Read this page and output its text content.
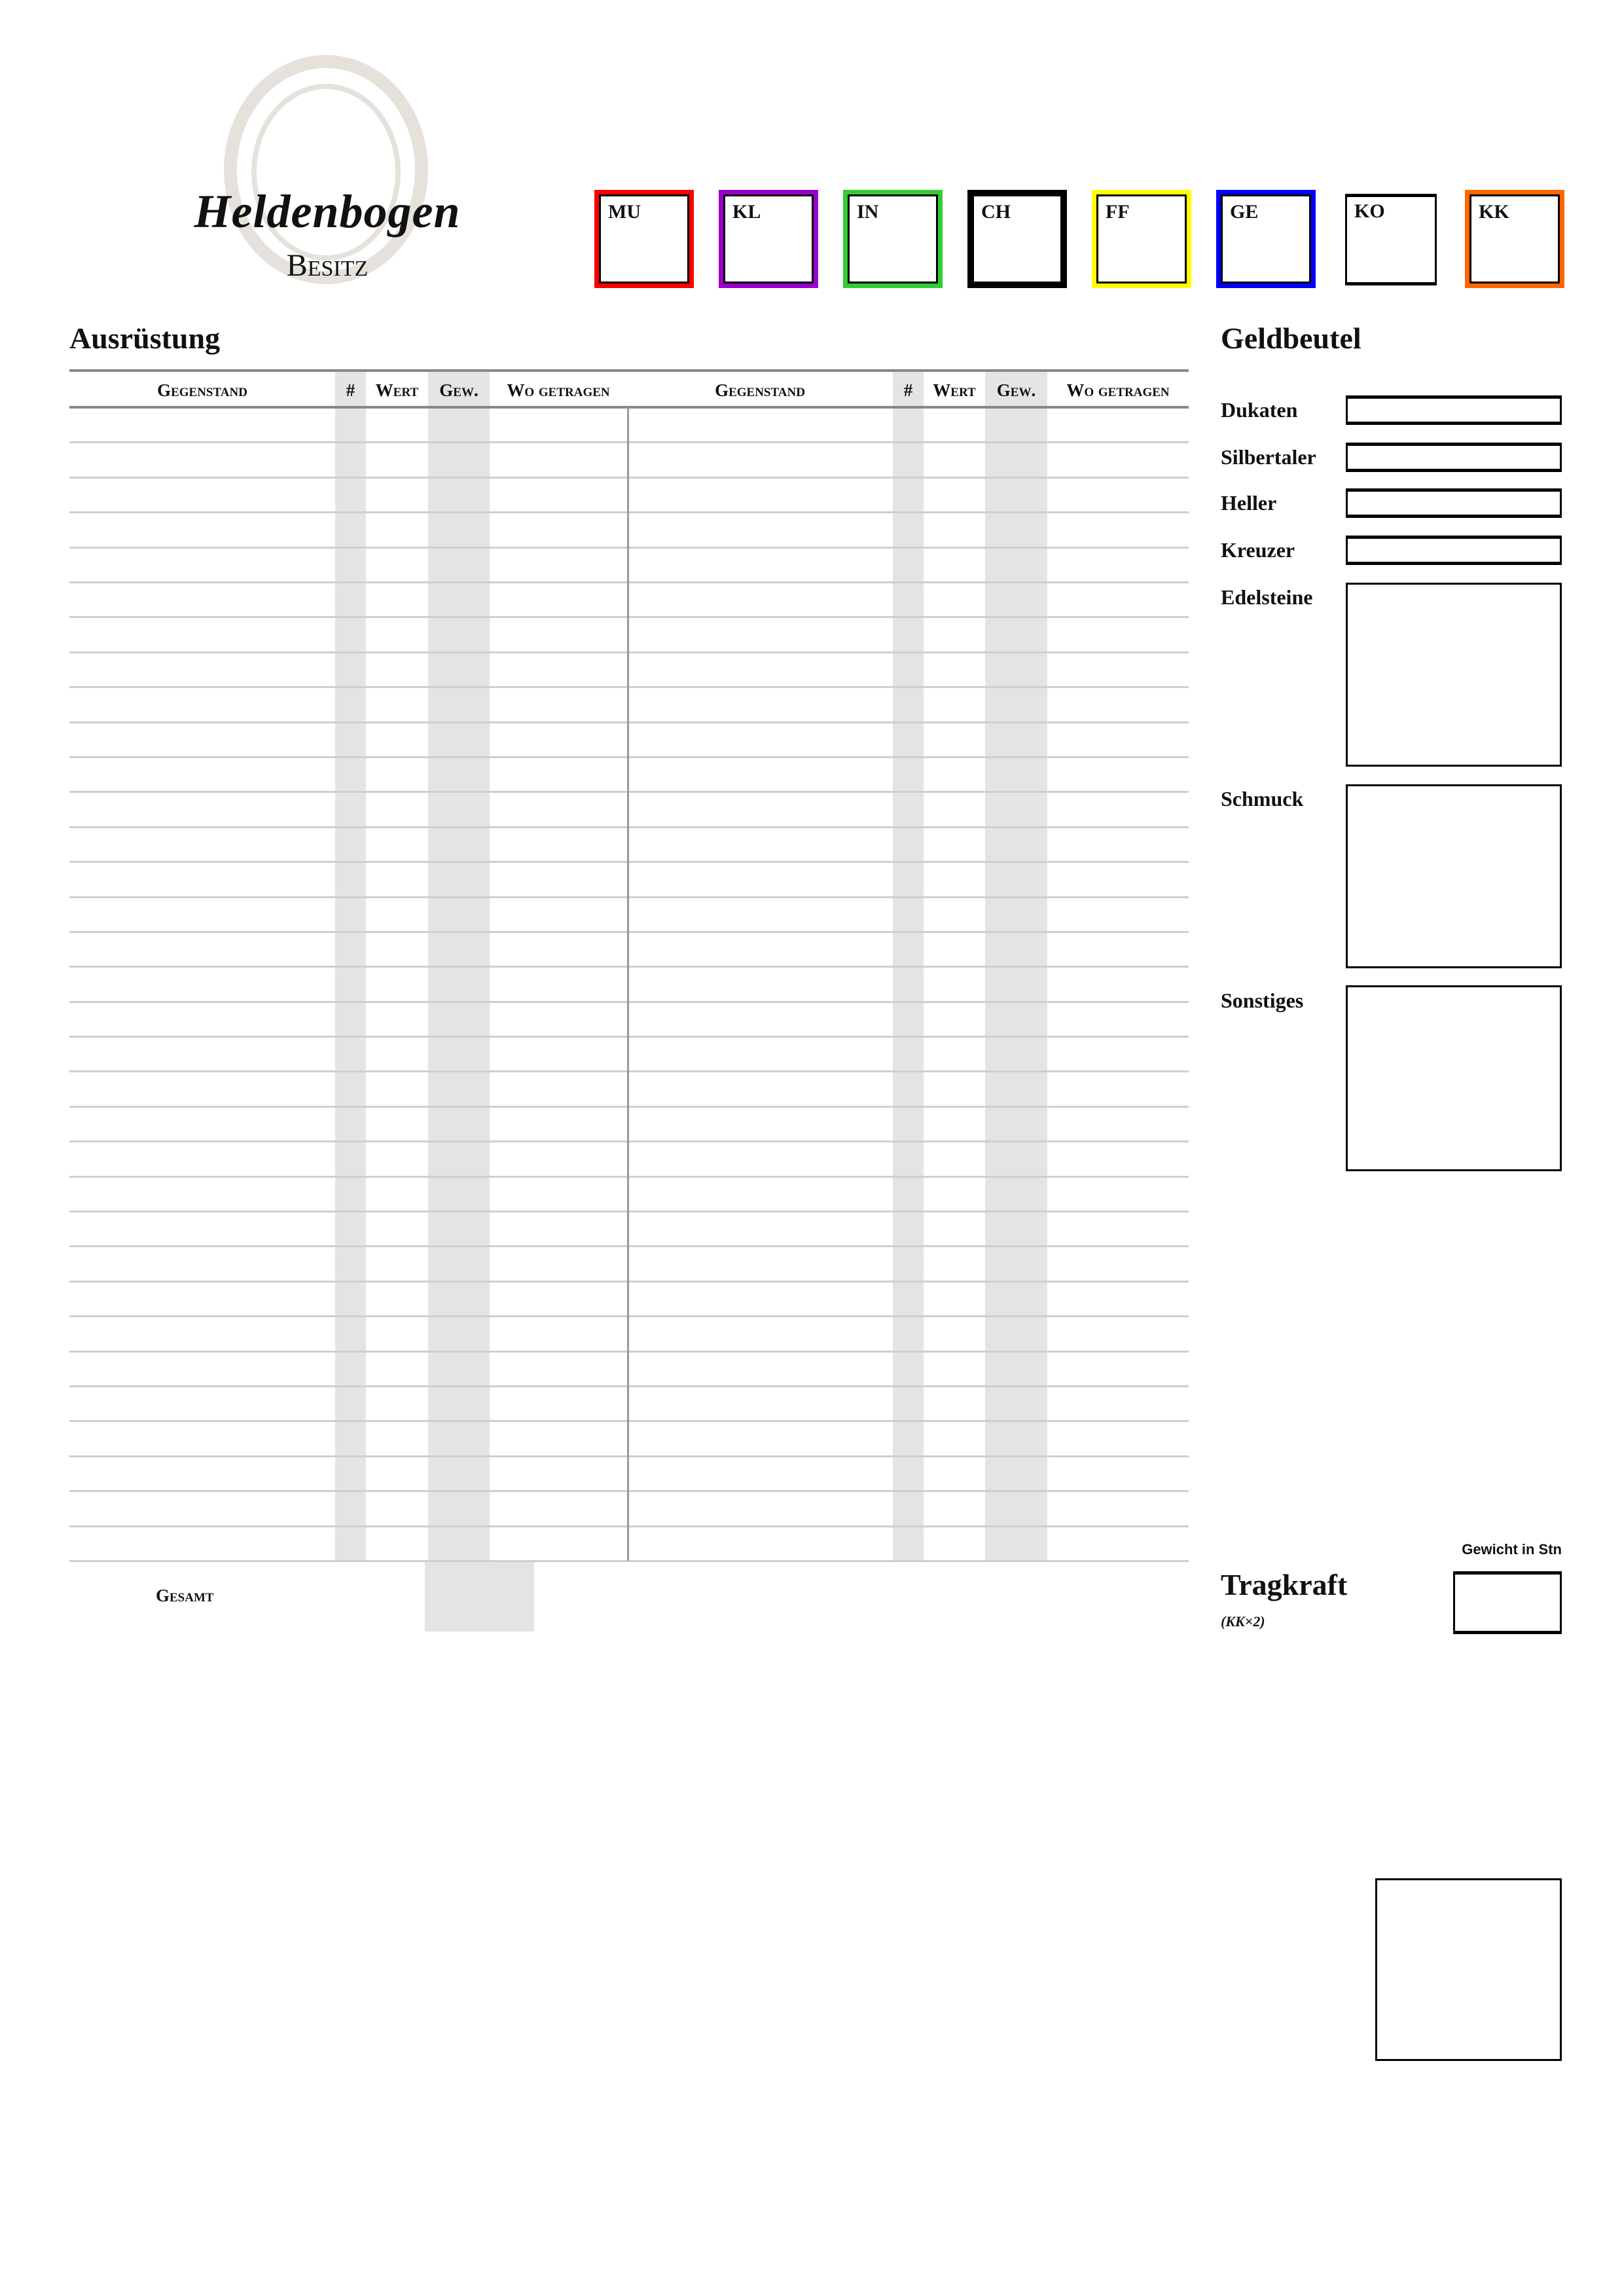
Heldenbogen
Besitz
MU	KL	IN	CH	FF	GE	KO	KK
Ausrüstung
Gegenstand	#	Wert	Gew.	Wo getragen	Gegenstand	#	Wert	Gew.	Wo getragen
Gesamt
Geldbeutel
Dukaten
Silbertaler
Heller
Kreuzer
Edelsteine
Schmuck
Sonstiges
Tragkraft
(KK×2)
Gewicht in Stn
